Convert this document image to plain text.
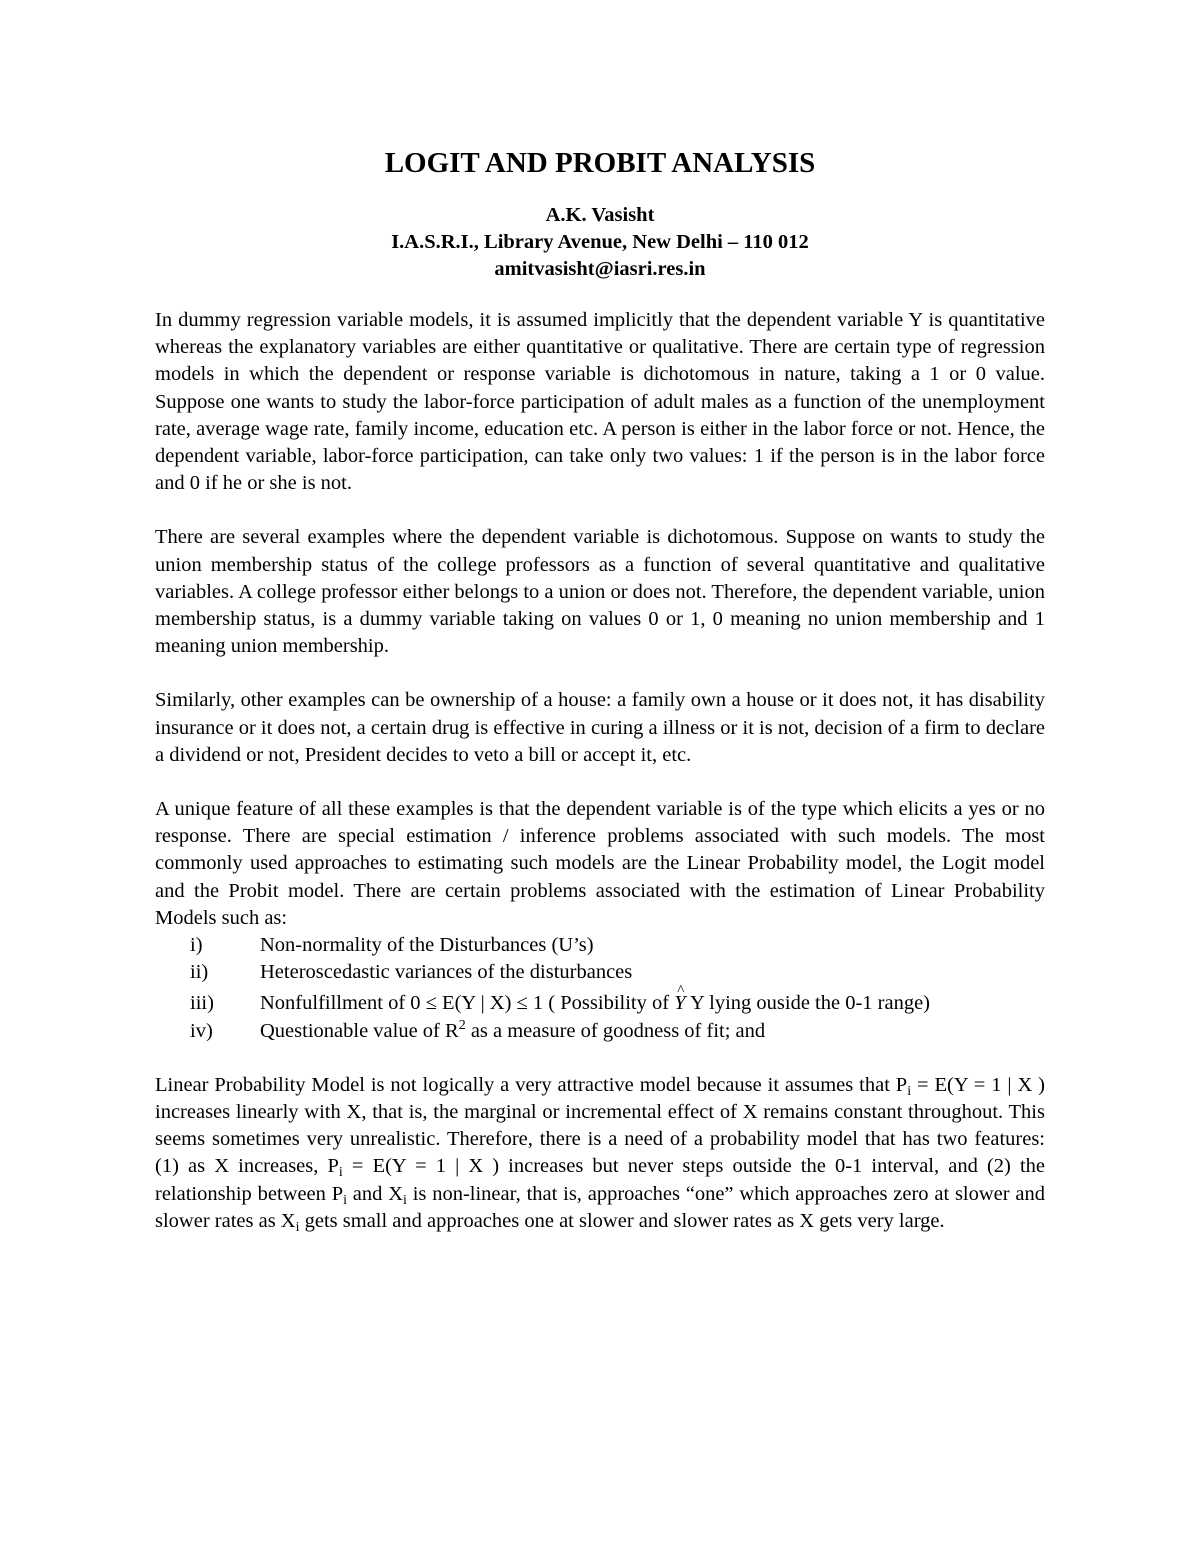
LOGIT AND PROBIT ANALYSIS
A.K. Vasisht
I.A.S.R.I., Library Avenue, New Delhi – 110 012
amitvasisht@iasri.res.in

In dummy regression variable models, it is assumed implicitly that the dependent variable Y is quantitative whereas the explanatory variables are either quantitative or qualitative. There are certain type of regression models in which the dependent or response variable is dichotomous in nature, taking a 1 or 0 value. Suppose one wants to study the labor-force participation of adult males as a function of the unemployment rate, average wage rate, family income, education etc. A person is either in the labor force or not. Hence, the dependent variable, labor-force participation, can take only two values: 1 if the person is in the labor force and 0 if he or she is not.

There are several examples where the dependent variable is dichotomous. Suppose on wants to study the union membership status of the college professors as a function of several quantitative and qualitative variables. A college professor either belongs to a union or does not. Therefore, the dependent variable, union membership status, is a dummy variable taking on values 0 or 1, 0 meaning no union membership and 1 meaning union membership.

Similarly, other examples can be ownership of a house: a family own a house or it does not, it has disability insurance or it does not, a certain drug is effective in curing a illness or it is not, decision of a firm to declare a dividend or not, President decides to veto a bill or accept it, etc.

A unique feature of all these examples is that the dependent variable is of the type which elicits a yes or no response. There are special estimation / inference problems associated with such models. The most commonly used approaches to estimating such models are the Linear Probability model, the Logit model and the Probit model. There are certain problems associated with the estimation of Linear Probability Models such as:

i)	Non-normality of the Disturbances (U’s)
ii)	Heteroscedastic variances of the disturbances
iii)	Nonfulfillment of 0 ≤ E(Y | X) ≤ 1 ( Possibility of ^ Y Y lying ouside the 0-1 range)
iv)	Questionable value of $R^2$ as a measure of goodness of fit; and

Linear Probability Model is not logically a very attractive model because it assumes that $P_i = E(Y = 1$ | X ) increases linearly with X, that is, the marginal or incremental effect of X remains constant throughout. This seems sometimes very unrealistic. Therefore, there is a need of a probability model that has two features: (1) as X increases, $P_i = E(Y = 1$ | X ) increases but never steps outside the 0-1 interval, and (2) the relationship between $P_i$ and $X_i$ is non-linear, that is, approaches “one” which approaches zero at slower and slower rates as $X_i$ gets small and approaches one at slower and slower rates as X gets very large.
